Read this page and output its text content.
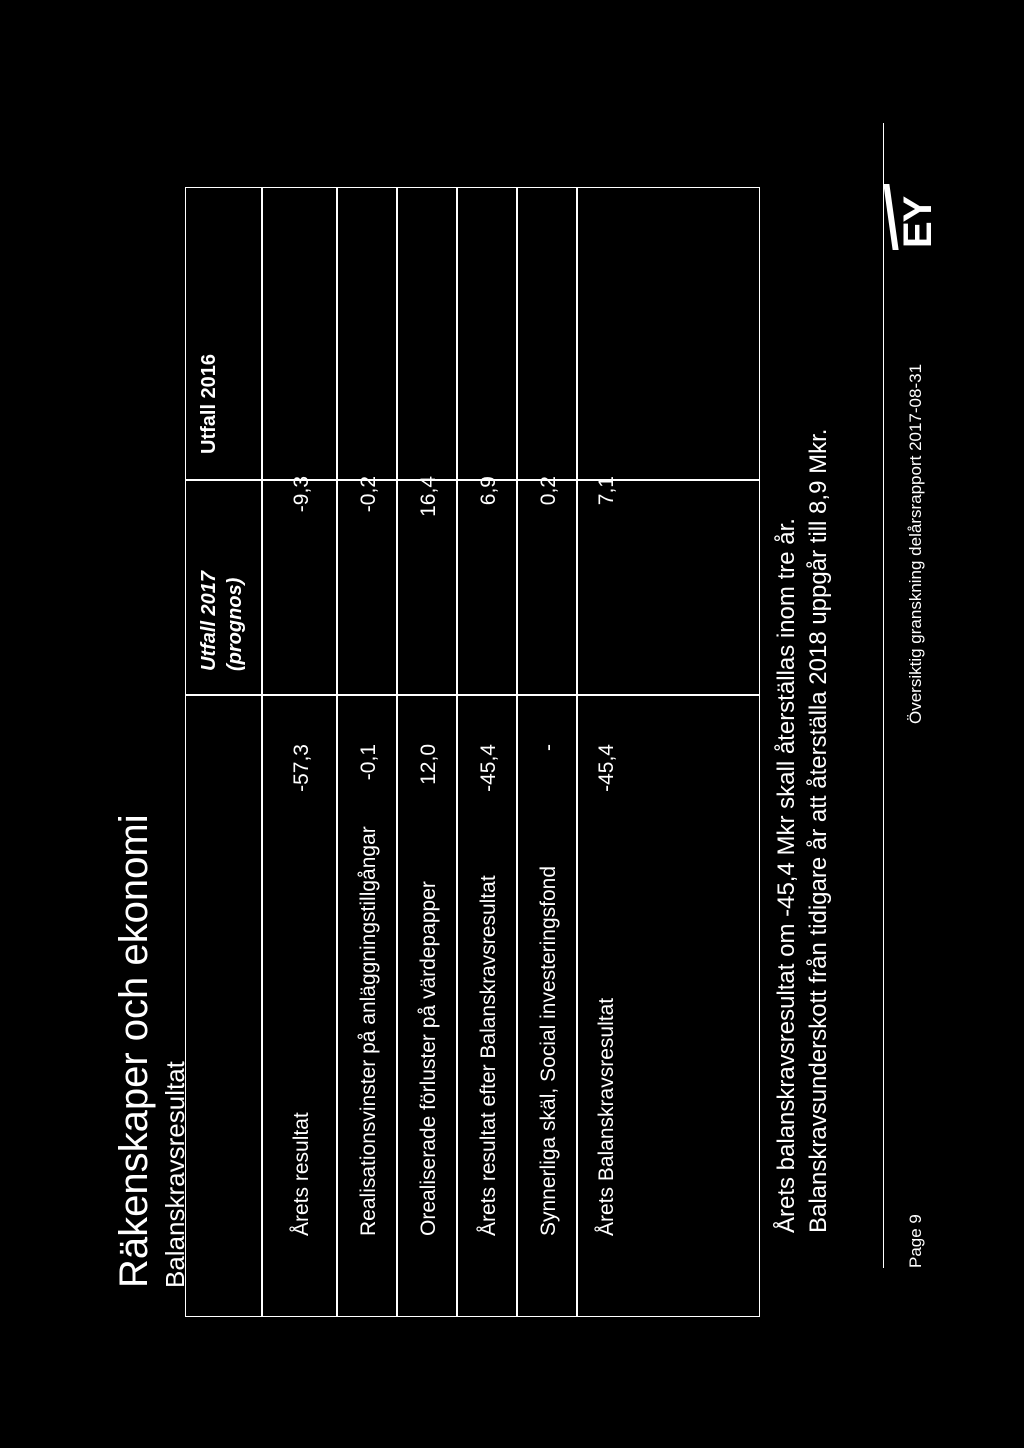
Räkenskaper och ekonomi Balanskravsresultat
Utfall 2017 (prognos)
Utfall 2016
Årets resultat
-57,3
-9,3
Realisationsvinster på anläggningstillgångar
-0,1
-0,2
Orealiserade förluster på värdepapper
12,0
16,4
Årets resultat efter Balanskravsresultat
-45,4
6,9
Synnerliga skäl, Social investeringsfond
-
0,2
Årets Balanskravsresultat
-45,4
7,1
Årets balanskravsresultat om -45,4 Mkr skall återställas inom tre år. Balanskravsunderskott från tidigare år att återställa 2018 uppgår till 8,9 Mkr.
Page 9
Översiktig granskning delårsrapport 2017-08-31
EY
